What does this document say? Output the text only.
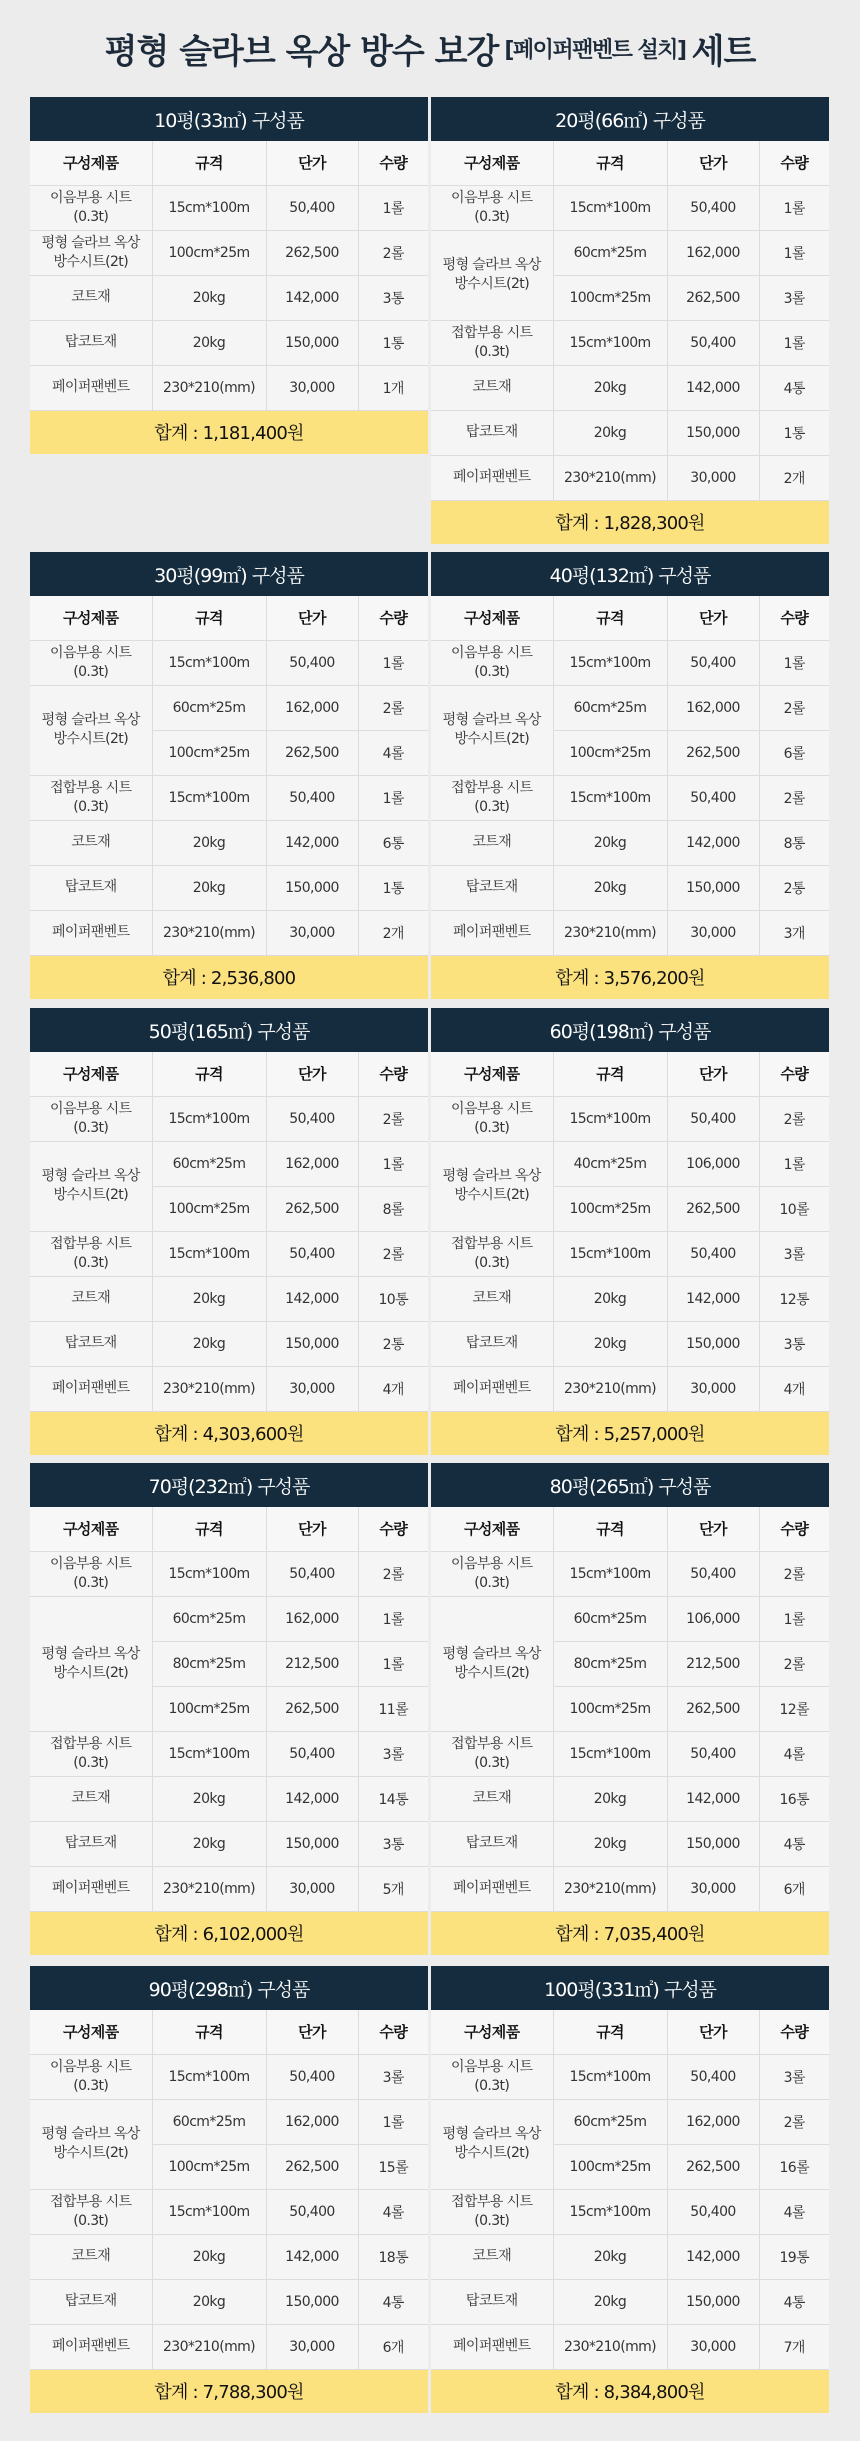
평형 슬라브 옥상 방수 보강 [페이퍼팬벤트 설치] 세트
10평(33㎡) 구성품
구성제품	규격	단가	수량
이음부용 시트(0.3t)	15cm*100m	50,400	1롤
평형 슬라브 옥상 방수시트(2t)	100cm*25m	262,500	2롤
코트재	20kg	142,000	3통
탑코트재	20kg	150,000	1통
페이퍼팬벤트	230*210(mm)	30,000	1개
합계 : 1,181,400원
20평(66㎡) 구성품
구성제품	규격	단가	수량
이음부용 시트(0.3t)	15cm*100m	50,400	1롤
평형 슬라브 옥상 방수시트(2t)	60cm*25m	162,000	1롤
	100cm*25m	262,500	3롤
접합부용 시트(0.3t)	15cm*100m	50,400	1롤
코트재	20kg	142,000	4통
탑코트재	20kg	150,000	1통
페이퍼팬벤트	230*210(mm)	30,000	2개
합계 : 1,828,300원
30평(99㎡) 구성품
구성제품	규격	단가	수량
이음부용 시트(0.3t)	15cm*100m	50,400	1롤
평형 슬라브 옥상 방수시트(2t)	60cm*25m	162,000	2롤
	100cm*25m	262,500	4롤
접합부용 시트(0.3t)	15cm*100m	50,400	1롤
코트재	20kg	142,000	6통
탑코트재	20kg	150,000	1통
페이퍼팬벤트	230*210(mm)	30,000	2개
합계 : 2,536,800
40평(132㎡) 구성품
구성제품	규격	단가	수량
이음부용 시트(0.3t)	15cm*100m	50,400	1롤
평형 슬라브 옥상 방수시트(2t)	60cm*25m	162,000	2롤
	100cm*25m	262,500	6롤
접합부용 시트(0.3t)	15cm*100m	50,400	2롤
코트재	20kg	142,000	8통
탑코트재	20kg	150,000	2통
페이퍼팬벤트	230*210(mm)	30,000	3개
합계 : 3,576,200원
50평(165㎡) 구성품
구성제품	규격	단가	수량
이음부용 시트(0.3t)	15cm*100m	50,400	2롤
평형 슬라브 옥상 방수시트(2t)	60cm*25m	162,000	1롤
	100cm*25m	262,500	8롤
접합부용 시트(0.3t)	15cm*100m	50,400	2롤
코트재	20kg	142,000	10통
탑코트재	20kg	150,000	2통
페이퍼팬벤트	230*210(mm)	30,000	4개
합계 : 4,303,600원
60평(198㎡) 구성품
구성제품	규격	단가	수량
이음부용 시트(0.3t)	15cm*100m	50,400	2롤
평형 슬라브 옥상 방수시트(2t)	40cm*25m	106,000	1롤
	100cm*25m	262,500	10롤
접합부용 시트(0.3t)	15cm*100m	50,400	3롤
코트재	20kg	142,000	12통
탑코트재	20kg	150,000	3통
페이퍼팬벤트	230*210(mm)	30,000	4개
합계 : 5,257,000원
70평(232㎡) 구성품
구성제품	규격	단가	수량
이음부용 시트(0.3t)	15cm*100m	50,400	2롤
평형 슬라브 옥상 방수시트(2t)	60cm*25m	162,000	1롤
	80cm*25m	212,500	1롤
	100cm*25m	262,500	11롤
접합부용 시트(0.3t)	15cm*100m	50,400	3롤
코트재	20kg	142,000	14통
탑코트재	20kg	150,000	3통
페이퍼팬벤트	230*210(mm)	30,000	5개
합계 : 6,102,000원
80평(265㎡) 구성품
구성제품	규격	단가	수량
이음부용 시트(0.3t)	15cm*100m	50,400	2롤
평형 슬라브 옥상 방수시트(2t)	60cm*25m	106,000	1롤
	80cm*25m	212,500	2롤
	100cm*25m	262,500	12롤
접합부용 시트(0.3t)	15cm*100m	50,400	4롤
코트재	20kg	142,000	16통
탑코트재	20kg	150,000	4통
페이퍼팬벤트	230*210(mm)	30,000	6개
합계 : 7,035,400원
90평(298㎡) 구성품
구성제품	규격	단가	수량
이음부용 시트(0.3t)	15cm*100m	50,400	3롤
평형 슬라브 옥상 방수시트(2t)	60cm*25m	162,000	1롤
	100cm*25m	262,500	15롤
접합부용 시트(0.3t)	15cm*100m	50,400	4롤
코트재	20kg	142,000	18통
탑코트재	20kg	150,000	4통
페이퍼팬벤트	230*210(mm)	30,000	6개
합계 : 7,788,300원
100평(331㎡) 구성품
구성제품	규격	단가	수량
이음부용 시트(0.3t)	15cm*100m	50,400	3롤
평형 슬라브 옥상 방수시트(2t)	60cm*25m	162,000	2롤
	100cm*25m	262,500	16롤
접합부용 시트(0.3t)	15cm*100m	50,400	4롤
코트재	20kg	142,000	19통
탑코트재	20kg	150,000	4통
페이퍼팬벤트	230*210(mm)	30,000	7개
합계 : 8,384,800원
